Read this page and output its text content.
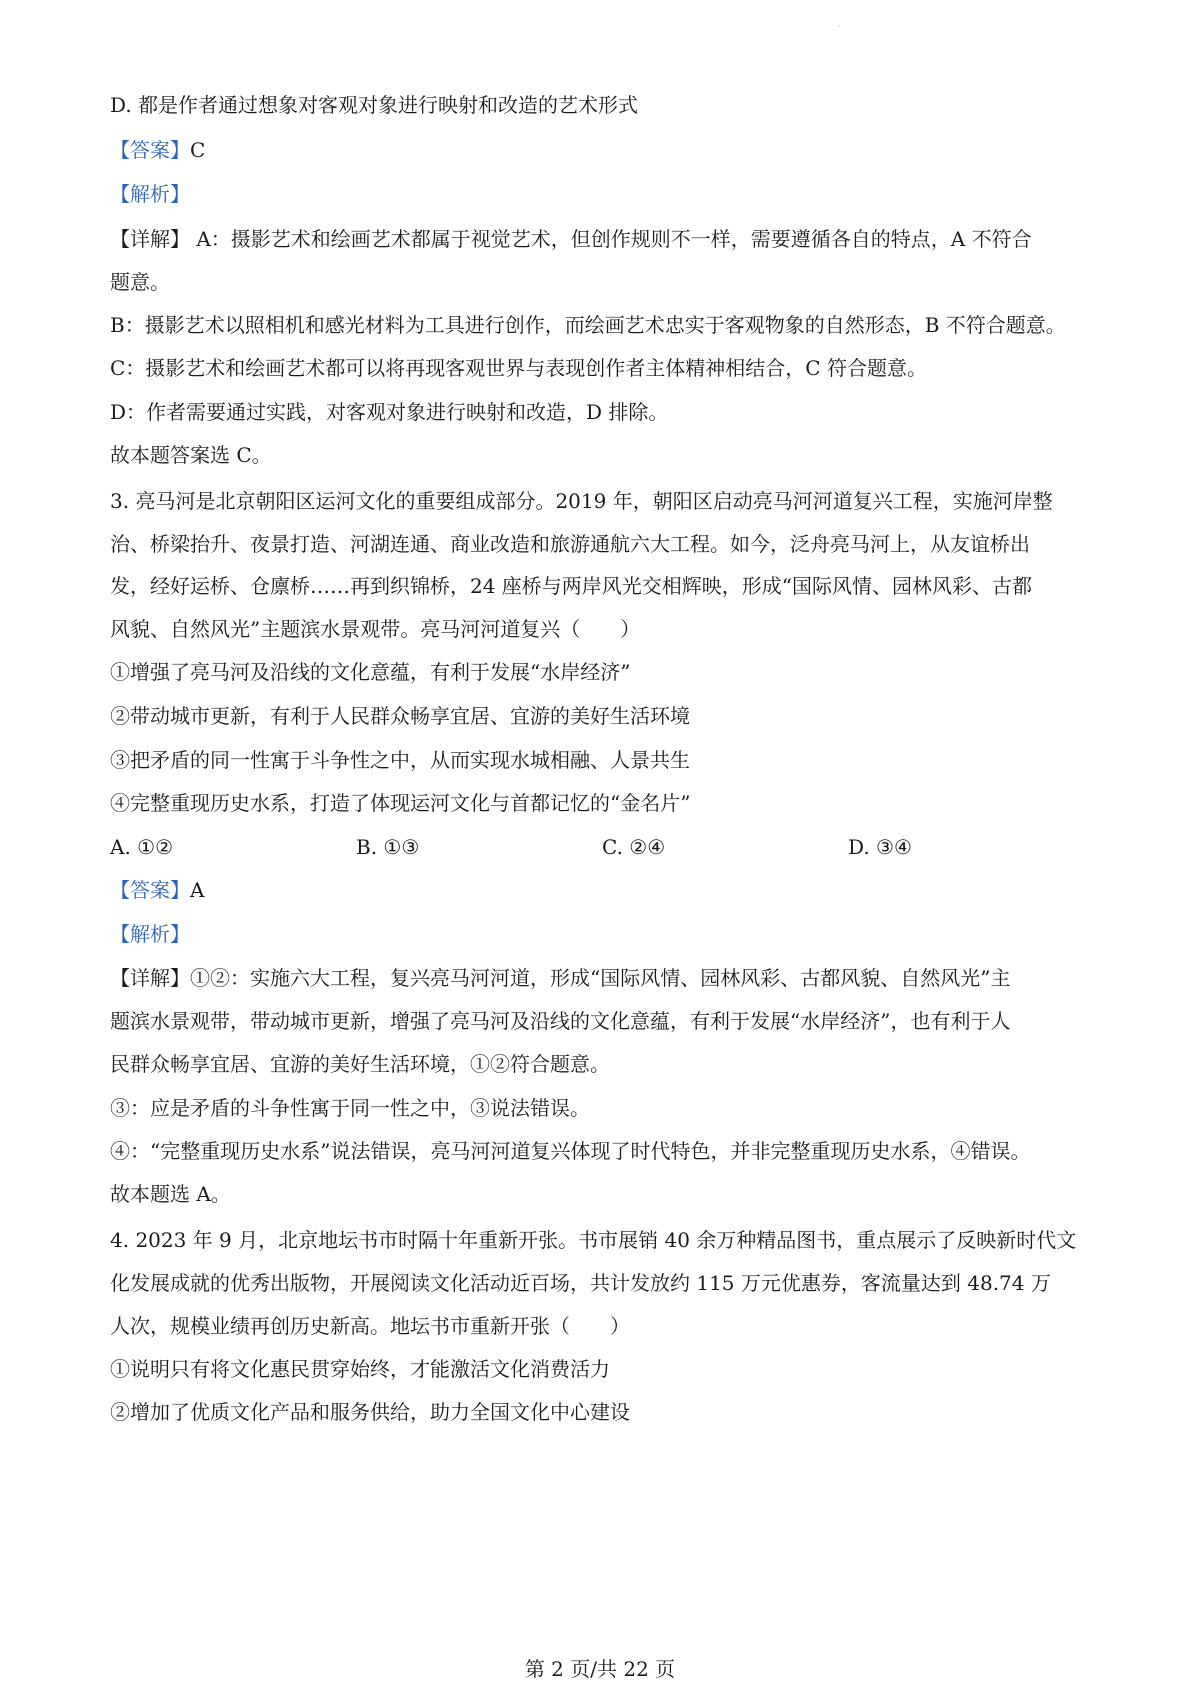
·
D. 都是作者通过想象对客观对象进行映射和改造的艺术形式
【答案】C
【解析】
【详解】 A：摄影艺术和绘画艺术都属于视觉艺术，但创作规则不一样，需要遵循各自的特点，A 不符合
题意。
B：摄影艺术以照相机和感光材料为工具进行创作，而绘画艺术忠实于客观物象的自然形态，B 不符合题意。
C：摄影艺术和绘画艺术都可以将再现客观世界与表现创作者主体精神相结合，C 符合题意。
D：作者需要通过实践，对客观对象进行映射和改造，D 排除。
故本题答案选 C。
3. 亮马河是北京朝阳区运河文化的重要组成部分。2019 年，朝阳区启动亮马河河道复兴工程，实施河岸整
治、桥梁抬升、夜景打造、河湖连通、商业改造和旅游通航六大工程。如今，泛舟亮马河上，从友谊桥出
发，经好运桥、仓廪桥……再到织锦桥，24 座桥与两岸风光交相辉映，形成“国际风情、园林风彩、古都
风貌、自然风光”主题滨水景观带。亮马河河道复兴（　　）
①增强了亮马河及沿线的文化意蕴，有利于发展“水岸经济”
②带动城市更新，有利于人民群众畅享宜居、宜游的美好生活环境
③把矛盾的同一性寓于斗争性之中，从而实现水城相融、人景共生
④完整重现历史水系，打造了体现运河文化与首都记忆的“金名片”
A. ①②	B. ①③	C. ②④	D. ③④
【答案】A
【解析】
【详解】①②：实施六大工程，复兴亮马河河道，形成“国际风情、园林风彩、古都风貌、自然风光”主
题滨水景观带，带动城市更新，增强了亮马河及沿线的文化意蕴，有利于发展“水岸经济”，也有利于人
民群众畅享宜居、宜游的美好生活环境，①②符合题意。
③：应是矛盾的斗争性寓于同一性之中，③说法错误。
④：“完整重现历史水系”说法错误，亮马河河道复兴体现了时代特色，并非完整重现历史水系，④错误。
故本题选 A。
4. 2023 年 9 月，北京地坛书市时隔十年重新开张。书市展销 40 余万种精品图书，重点展示了反映新时代文
化发展成就的优秀出版物，开展阅读文化活动近百场，共计发放约 115 万元优惠券，客流量达到 48.74 万
人次，规模业绩再创历史新高。地坛书市重新开张（　　）
①说明只有将文化惠民贯穿始终，才能激活文化消费活力
②增加了优质文化产品和服务供给，助力全国文化中心建设
第 2 页/共 22 页
